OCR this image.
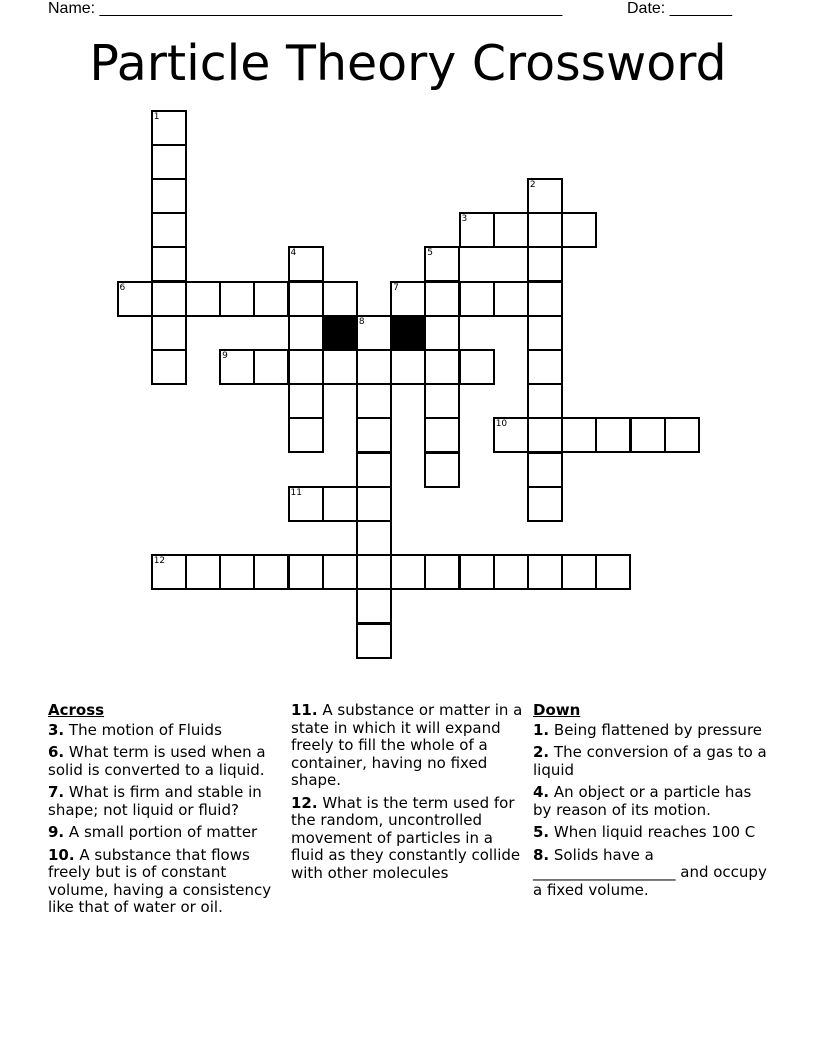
Name: ____________________________________________________	Date: _______
Particle Theory Crossword
1
2
3
4	5
6	7
8
9
10
11
12
Across
3. The motion of Fluids
6. What term is used when a solid is converted to a liquid.
7. What is firm and stable in shape; not liquid or fluid?
9. A small portion of matter
10. A substance that flows freely but is of constant volume, having a consistency like that of water or oil.
11. A substance or matter in a state in which it will expand freely to fill the whole of a container, having no fixed shape.
12. What is the term used for the random, uncontrolled movement of particles in a fluid as they constantly collide with other molecules
Down
1. Being flattened by pressure
2. The conversion of a gas to a liquid
4. An object or a particle has by reason of its motion.
5. When liquid reaches 100 C
8. Solids have a ___________________ and occupy a fixed volume.
